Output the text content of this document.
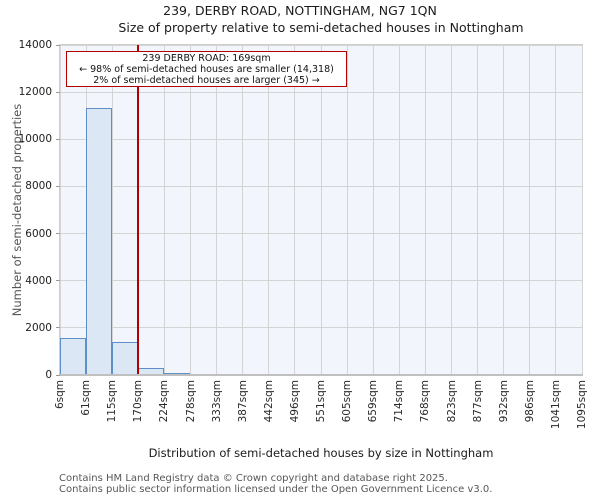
239, DERBY ROAD, NOTTINGHAM, NG7 1QN
Size of property relative to semi-detached houses in Nottingham
Number of semi-detached properties
0
2000
4000
6000
8000
10000
12000
14000
6sqm 61sqm 115sqm 170sqm 224sqm 278sqm 333sqm 387sqm 442sqm 496sqm 551sqm 605sqm 659sqm 714sqm 768sqm 823sqm 877sqm 932sqm 986sqm 1041sqm 1095sqm
239 DERBY ROAD: 169sqm
← 98% of semi-detached houses are smaller (14,318)
2% of semi-detached houses are larger (345) →
Distribution of semi-detached houses by size in Nottingham
Contains HM Land Registry data © Crown copyright and database right 2025.
Contains public sector information licensed under the Open Government Licence v3.0.
